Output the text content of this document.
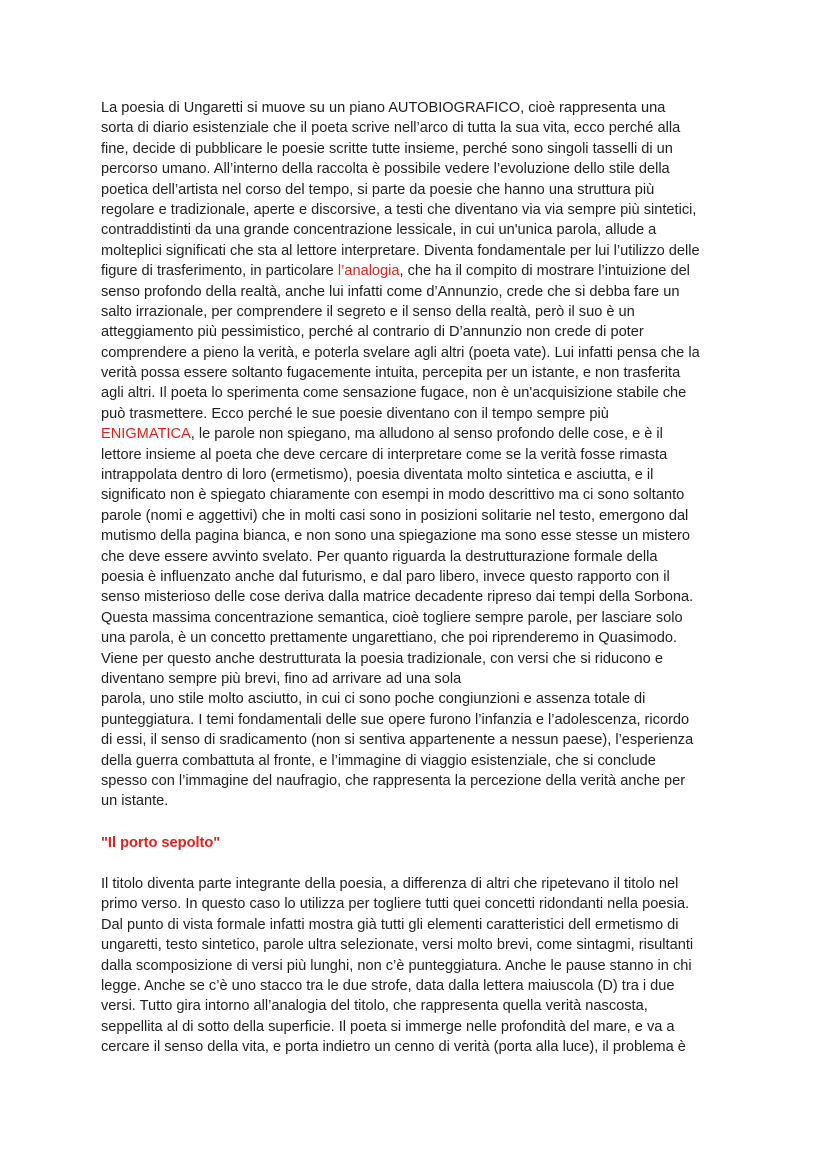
La poesia di Ungaretti si muove su un piano AUTOBIOGRAFICO, cioè rappresenta una
sorta di diario esistenziale che il poeta scrive nell’arco di tutta la sua vita, ecco perché alla
fine, decide di pubblicare le poesie scritte tutte insieme, perché sono singoli tasselli di un
percorso umano. All’interno della raccolta è possibile vedere l’evoluzione dello stile della
poetica dell’artista nel corso del tempo, si parte da poesie che hanno una struttura più
regolare e tradizionale, aperte e discorsive, a testi che diventano via via sempre più sintetici,
contraddistinti da una grande concentrazione lessicale, in cui un'unica parola, allude a
molteplici significati che sta al lettore interpretare. Diventa fondamentale per lui l’utilizzo delle
figure di trasferimento, in particolare l’analogia, che ha il compito di mostrare l’intuizione del
senso profondo della realtà, anche lui infatti come d’Annunzio, crede che si debba fare un
salto irrazionale, per comprendere il segreto e il senso della realtà, però il suo è un
atteggiamento più pessimistico, perché al contrario di D’annunzio non crede di poter
comprendere a pieno la verità, e poterla svelare agli altri (poeta vate). Lui infatti pensa che la
verità possa essere soltanto fugacemente intuita, percepita per un istante, e non trasferita
agli altri. Il poeta lo sperimenta come sensazione fugace, non è un'acquisizione stabile che
può trasmettere. Ecco perché le sue poesie diventano con il tempo sempre più
ENIGMATICA, le parole non spiegano, ma alludono al senso profondo delle cose, e è il
lettore insieme al poeta che deve cercare di interpretare come se la verità fosse rimasta
intrappolata dentro di loro (ermetismo), poesia diventata molto sintetica e asciutta, e il
significato non è spiegato chiaramente con esempi in modo descrittivo ma ci sono soltanto
parole (nomi e aggettivi) che in molti casi sono in posizioni solitarie nel testo, emergono dal
mutismo della pagina bianca, e non sono una spiegazione ma sono esse stesse un mistero
che deve essere avvinto svelato. Per quanto riguarda la destrutturazione formale della
poesia è influenzato anche dal futurismo, e dal paro libero, invece questo rapporto con il
senso misterioso delle cose deriva dalla matrice decadente ripreso dai tempi della Sorbona.
Questa massima concentrazione semantica, cioè togliere sempre parole, per lasciare solo
una parola, è un concetto prettamente ungarettiano, che poi riprenderemo in Quasimodo.
Viene per questo anche destrutturata la poesia tradizionale, con versi che si riducono e
diventano sempre più brevi, fino ad arrivare ad una sola
parola, uno stile molto asciutto, in cui ci sono poche congiunzioni e assenza totale di
punteggiatura. I temi fondamentali delle sue opere furono l’infanzia e l’adolescenza, ricordo
di essi, il senso di sradicamento (non si sentiva appartenente a nessun paese), l’esperienza
della guerra combattuta al fronte, e l’immagine di viaggio esistenziale, che si conclude
spesso con l’immagine del naufragio, che rappresenta la percezione della verità anche per
un istante.
"Il porto sepolto"
Il titolo diventa parte integrante della poesia, a differenza di altri che ripetevano il titolo nel
primo verso. In questo caso lo utilizza per togliere tutti quei concetti ridondanti nella poesia.
Dal punto di vista formale infatti mostra già tutti gli elementi caratteristici dell ermetismo di
ungaretti, testo sintetico, parole ultra selezionate, versi molto brevi, come sintagmi, risultanti
dalla scomposizione di versi più lunghi, non c’è punteggiatura. Anche le pause stanno in chi
legge. Anche se c’è uno stacco tra le due strofe, data dalla lettera maiuscola (D) tra i due
versi. Tutto gira intorno all’analogia del titolo, che rappresenta quella verità nascosta,
seppellita al di sotto della superficie. Il poeta si immerge nelle profondità del mare, e va a
cercare il senso della vita, e porta indietro un cenno di verità (porta alla luce), il problema è
